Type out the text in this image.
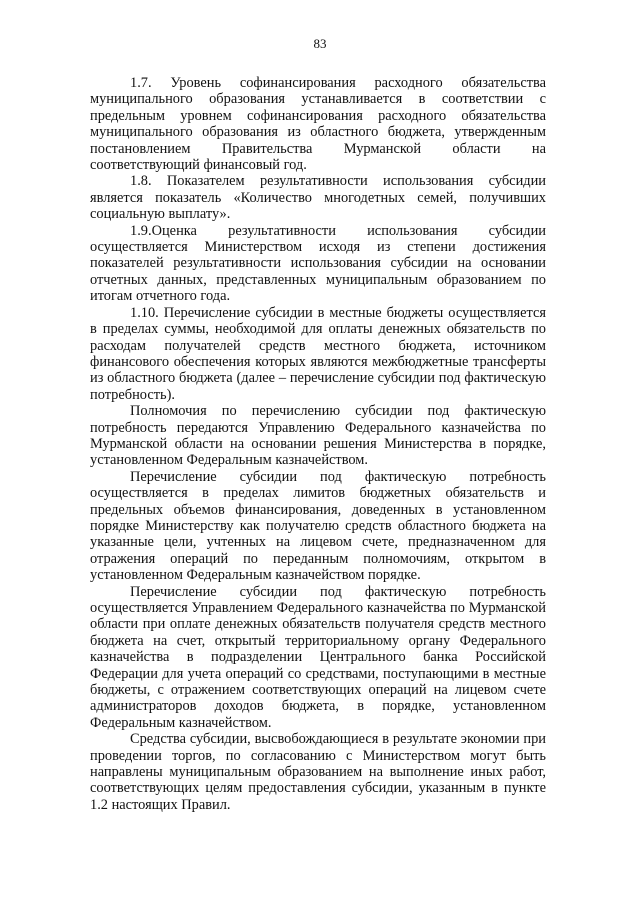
83

1.7. Уровень софинансирования расходного обязательства муниципального образования устанавливается в соответствии с предельным уровнем софинансирования расходного обязательства муниципального образования из областного бюджета, утвержденным постановлением Правительства Мурманской области на соответствующий финансовый год.

1.8. Показателем результативности использования субсидии является показатель «Количество многодетных семей, получивших социальную выплату».

1.9.Оценка результативности использования субсидии осуществляется Министерством исходя из степени достижения показателей результативности использования субсидии на основании отчетных данных, представленных муниципальным образованием по итогам отчетного года.

1.10. Перечисление субсидии в местные бюджеты осуществляется в пределах суммы, необходимой для оплаты денежных обязательств по расходам получателей средств местного бюджета, источником финансового обеспечения которых являются межбюджетные трансферты из областного бюджета (далее – перечисление субсидии под фактическую потребность).

Полномочия по перечислению субсидии под фактическую потребность передаются Управлению Федерального казначейства по Мурманской области на основании решения Министерства в порядке, установленном Федеральным казначейством.

Перечисление субсидии под фактическую потребность осуществляется в пределах лимитов бюджетных обязательств и предельных объемов финансирования, доведенных в установленном порядке Министерству как получателю средств областного бюджета на указанные цели, учтенных на лицевом счете, предназначенном для отражения операций по переданным полномочиям, открытом в установленном Федеральным казначейством порядке.

Перечисление субсидии под фактическую потребность осуществляется Управлением Федерального казначейства по Мурманской области при оплате денежных обязательств получателя средств местного бюджета на счет, открытый территориальному органу Федерального казначейства в подразделении Центрального банка Российской Федерации для учета операций со средствами, поступающими в местные бюджеты, с отражением соответствующих операций на лицевом счете администраторов доходов бюджета, в порядке, установленном Федеральным казначейством.

Средства субсидии, высвобождающиеся в результате экономии при проведении торгов, по согласованию с Министерством могут быть направлены муниципальным образованием на выполнение иных работ, соответствующих целям предоставления субсидии, указанным в пункте 1.2 настоящих Правил.
